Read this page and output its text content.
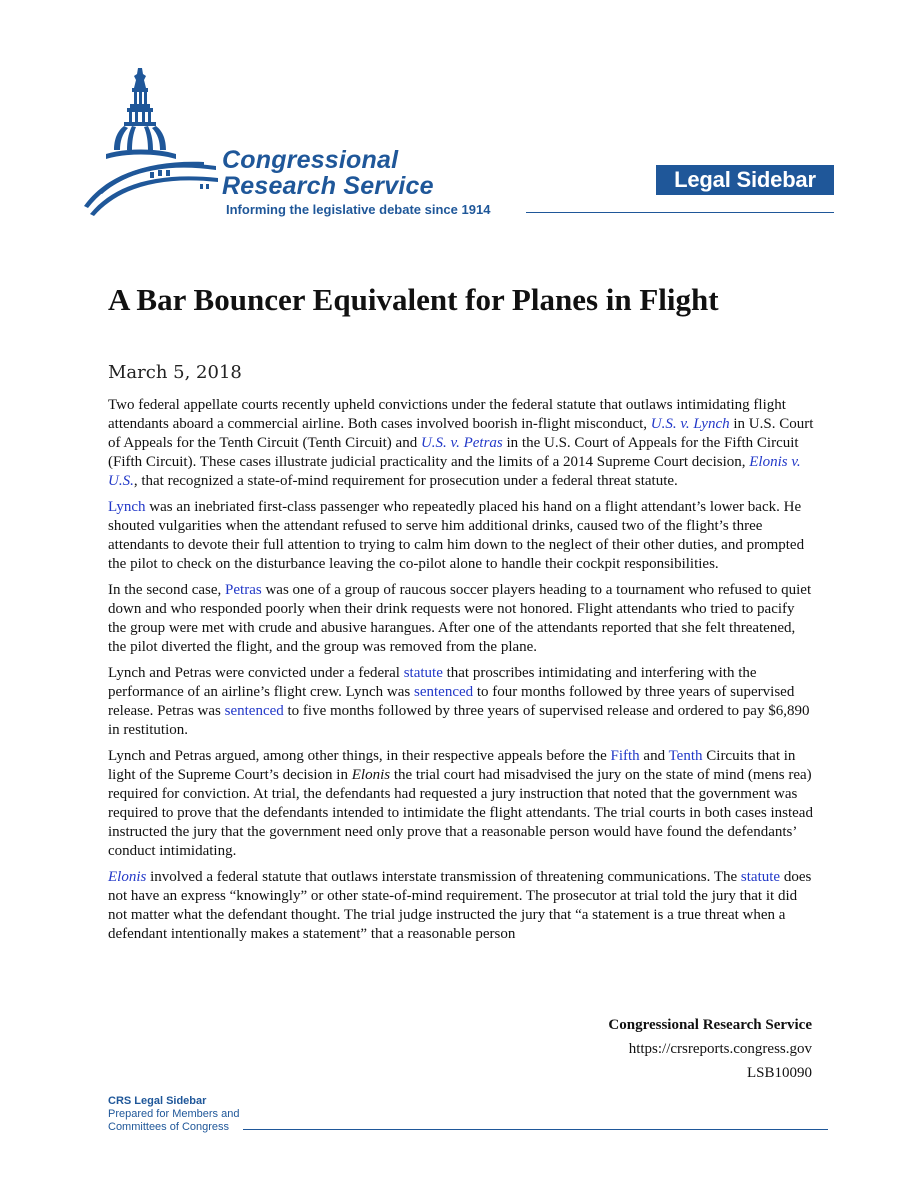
Congressional
Research Service
Informing the legislative debate since 1914
Legal Sidebar
A Bar Bouncer Equivalent for Planes in Flight
March 5, 2018

Two federal appellate courts recently upheld convictions under the federal statute that outlaws intimidating flight attendants aboard a commercial airline. Both cases involved boorish in-flight misconduct, U.S. v. Lynch in U.S. Court of Appeals for the Tenth Circuit (Tenth Circuit) and U.S. v. Petras in the U.S. Court of Appeals for the Fifth Circuit (Fifth Circuit). These cases illustrate judicial practicality and the limits of a 2014 Supreme Court decision, Elonis v. U.S., that recognized a state-of-mind requirement for prosecution under a federal threat statute.

Lynch was an inebriated first-class passenger who repeatedly placed his hand on a flight attendant’s lower back. He shouted vulgarities when the attendant refused to serve him additional drinks, caused two of the flight’s three attendants to devote their full attention to trying to calm him down to the neglect of their other duties, and prompted the pilot to check on the disturbance leaving the co-pilot alone to handle their cockpit responsibilities.

In the second case, Petras was one of a group of raucous soccer players heading to a tournament who refused to quiet down and who responded poorly when their drink requests were not honored. Flight attendants who tried to pacify the group were met with crude and abusive harangues. After one of the attendants reported that she felt threatened, the pilot diverted the flight, and the group was removed from the plane.

Lynch and Petras were convicted under a federal statute that proscribes intimidating and interfering with the performance of an airline’s flight crew. Lynch was sentenced to four months followed by three years of supervised release. Petras was sentenced to five months followed by three years of supervised release and ordered to pay $6,890 in restitution.

Lynch and Petras argued, among other things, in their respective appeals before the Fifth and Tenth Circuits that in light of the Supreme Court’s decision in Elonis the trial court had misadvised the jury on the state of mind (mens rea) required for conviction. At trial, the defendants had requested a jury instruction that noted that the government was required to prove that the defendants intended to intimidate the flight attendants. The trial courts in both cases instead instructed the jury that the government need only prove that a reasonable person would have found the defendants’ conduct intimidating.

Elonis involved a federal statute that outlaws interstate transmission of threatening communications. The statute does not have an express “knowingly” or other state-of-mind requirement. The prosecutor at trial told the jury that it did not matter what the defendant thought. The trial judge instructed the jury that “a statement is a true threat when a defendant intentionally makes a statement” that a reasonable person

Congressional Research Service
https://crsreports.congress.gov
LSB10090
CRS Legal Sidebar
Prepared for Members and
Committees of Congress
